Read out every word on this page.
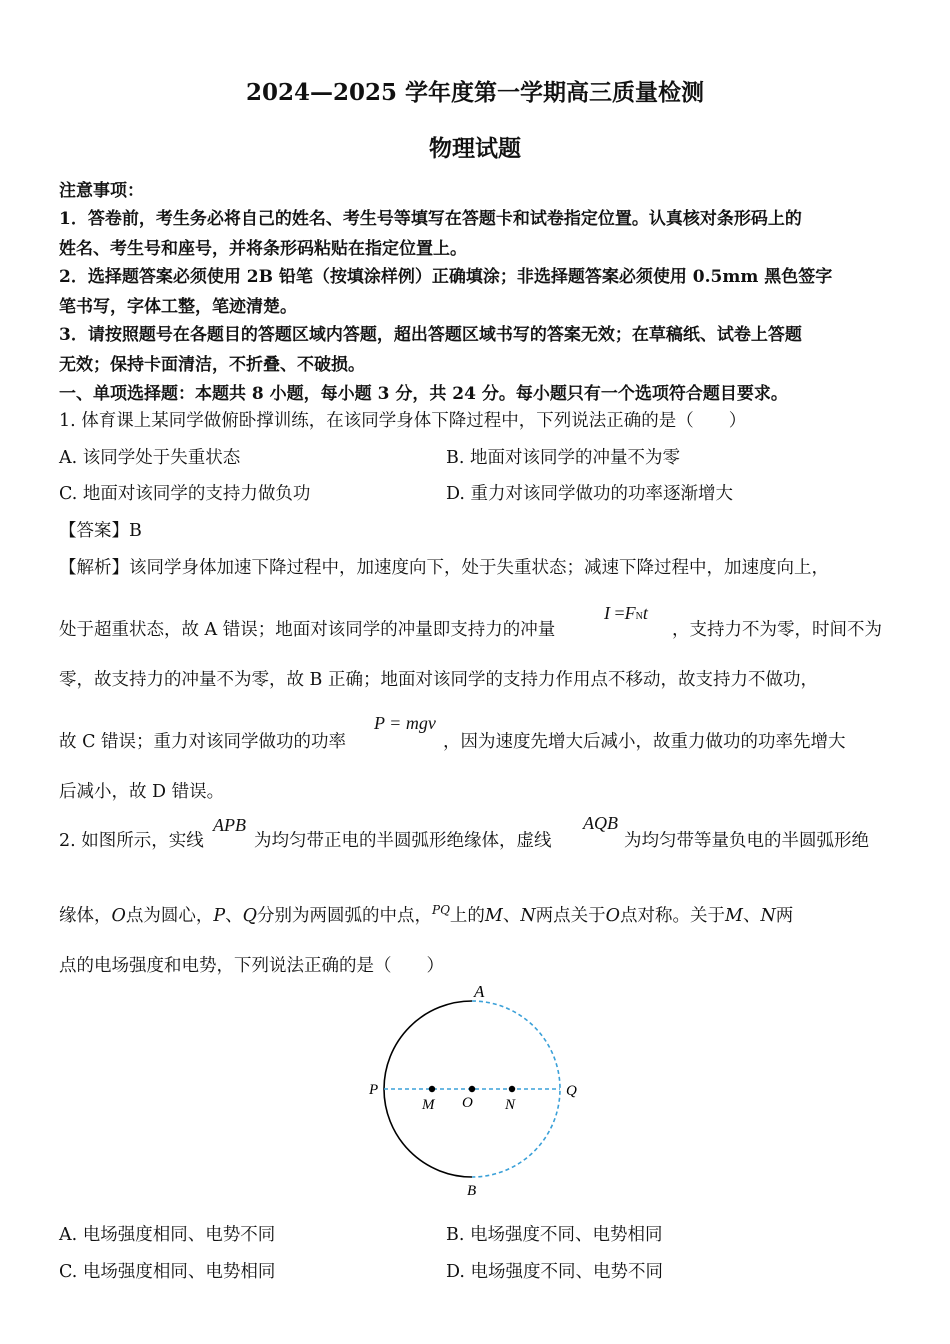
2024—2025 学年度第一学期高三质量检测
物理试题
注意事项：
1．答卷前，考生务必将自己的姓名、考生号等填写在答题卡和试卷指定位置。认真核对条形码上的
姓名、考生号和座号，并将条形码粘贴在指定位置上。
2．选择题答案必须使用 2B 铅笔（按填涂样例）正确填涂；非选择题答案必须使用 0.5mm 黑色签字
笔书写，字体工整，笔迹清楚。
3．请按照题号在各题目的答题区域内答题，超出答题区域书写的答案无效；在草稿纸、试卷上答题
无效；保持卡面清洁，不折叠、不破损。
一、单项选择题：本题共 8 小题，每小题 3 分，共 24 分。每小题只有一个选项符合题目要求。
1. 体育课上某同学做俯卧撑训练，在该同学身体下降过程中，下列说法正确的是（　　）
A. 该同学处于失重状态	B. 地面对该同学的冲量不为零
C. 地面对该同学的支持力做负功	D. 重力对该同学做功的功率逐渐增大
【答案】B
【解析】该同学身体加速下降过程中，加速度向下，处于失重状态；减速下降过程中，加速度向上，
处于超重状态，故 A 错误；地面对该同学的冲量即支持力的冲量
I =FNt
，支持力不为零，时间不为
零，故支持力的冲量不为零，故 B 正确；地面对该同学的支持力作用点不移动，故支持力不做功，
故 C 错误；重力对该同学做功的功率
P = mgv
，因为速度先增大后减小，故重力做功的功率先增大
后减小，故 D 错误。
2. 如图所示，实线
APB
为均匀带正电的半圆弧形绝缘体，虚线
AQB
为均匀带等量负电的半圆弧形绝
缘体，O点为圆心，P、Q分别为两圆弧的中点，$^{PQ}$上的M、N两点关于O点对称。关于M、N两
点的电场强度和电势，下列说法正确的是（　　）
A
B
P	Q
M O N
A. 电场强度相同、电势不同	B. 电场强度不同、电势相同
C. 电场强度相同、电势相同	D. 电场强度不同、电势不同
